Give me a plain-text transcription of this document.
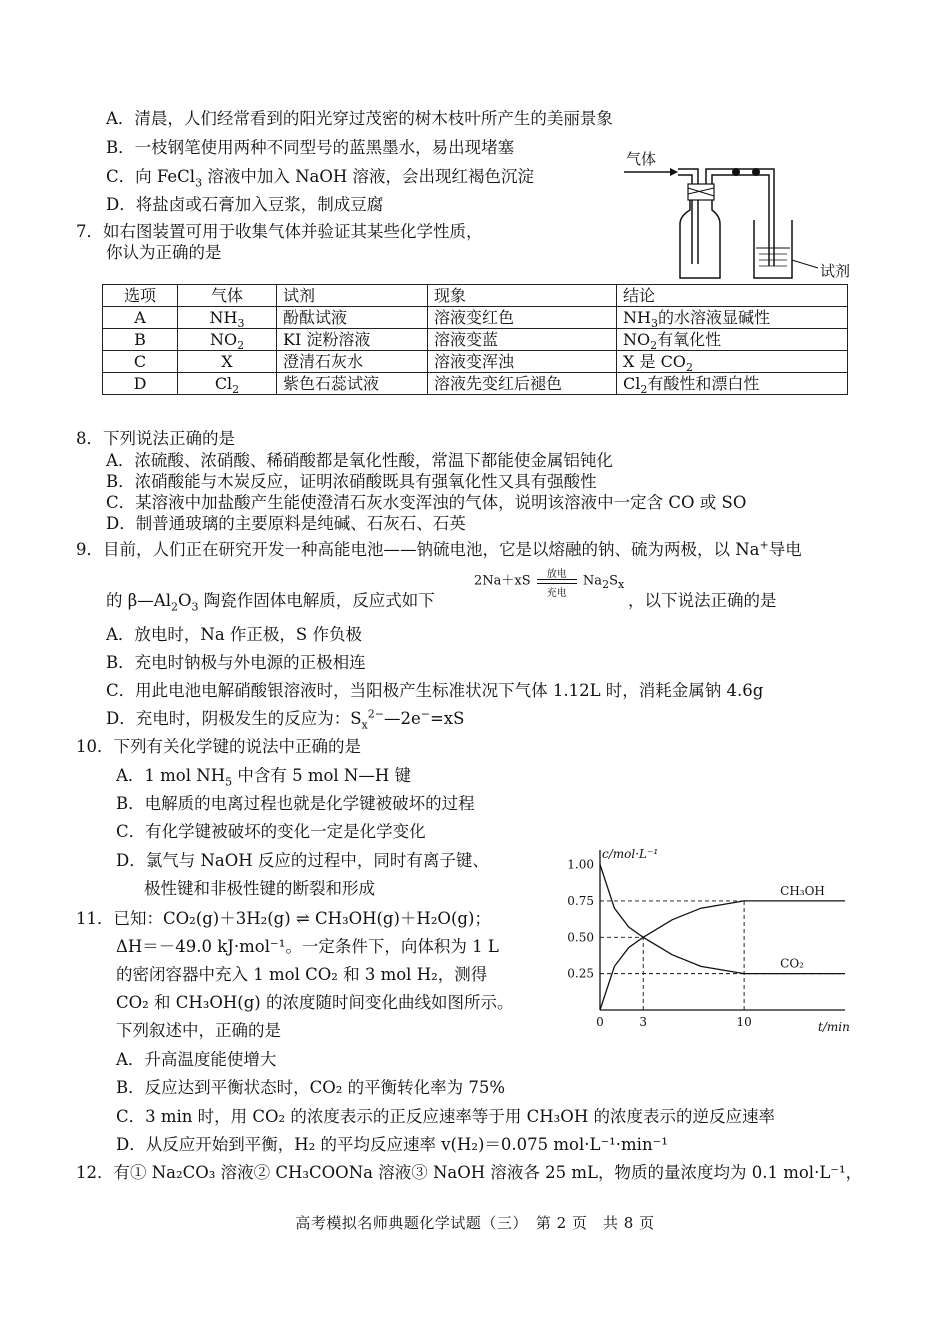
A．清晨，人们经常看到的阳光穿过茂密的树木枝叶所产生的美丽景象
B．一枝钢笔使用两种不同型号的蓝黑墨水，易出现堵塞
C．向 FeCl$_3$ 溶液中加入 NaOH 溶液，会出现红褐色沉淀
D．将盐卤或石膏加入豆浆，制成豆腐
7．如右图装置可用于收集气体并验证其某些化学性质，
你认为正确的是
气体
试剂
选项	气体	试剂	现象	结论
A	$NH_3$	酚酞试液	溶液变红色	$NH_3$的水溶液显碱性
B	$NO_2$	KI 淀粉溶液	溶液变蓝	$NO_2$有氧化性
C	X	澄清石灰水	溶液变浑浊	X 是 $CO_2$
D	$Cl_2$	紫色石蕊试液	溶液先变红后褪色	$Cl_2$有酸性和漂白性
8．下列说法正确的是
A．浓硫酸、浓硝酸、稀硝酸都是氧化性酸，常温下都能使金属铝钝化
B．浓硝酸能与木炭反应，证明浓硝酸既具有强氧化性又具有强酸性
C．某溶液中加盐酸产生能使澄清石灰水变浑浊的气体，说明该溶液中一定含 CO 或 SO
D．制普通玻璃的主要原料是纯碱、石灰石、石英
9．目前，人们正在研究开发一种高能电池——钠硫电池，它是以熔融的钠、硫为两极，以 Na+导电
的 $\beta—Al_2O_3$ 陶瓷作固体电解质，反应式如下
2Na＋xS	放电
充电
$Na_2S_x$
，以下说法正确的是
A．放电时，Na 作正极，S 作负极
B．充电时钠极与外电源的正极相连
C．用此电池电解硝酸银溶液时，当阳极产生标准状况下气体 1.12L 时，消耗金属钠 4.6g
D．充电时，阴极发生的反应为：$S_x^{2-}—2e^-=xS$
10．下列有关化学键的说法中正确的是
A．1 mol $NH_5$ 中含有 5 mol N—H 键
B．电解质的电离过程也就是化学键被破坏的过程
C．有化学键被破坏的变化一定是化学变化
D．氯气与 NaOH 反应的过程中，同时有离子键、
极性键和非极性键的断裂和形成
c/mol·L⁻¹
t/min
1.00
0.75
0.50
0.25
0	3	10
CH₃OH
CO₂
11．已知：CO₂(g)＋3H₂(g) ⇌ CH₃OH(g)＋H₂O(g)；
ΔH＝－49.0 kJ·mol⁻¹。一定条件下，向体积为 1 L
的密闭容器中充入 1 mol CO₂ 和 3 mol H₂，测得
CO₂ 和 CH₃OH(g) 的浓度随时间变化曲线如图所示。
下列叙述中，正确的是
A．升高温度能使增大
B．反应达到平衡状态时，CO₂ 的平衡转化率为 75%
C．3 min 时，用 CO₂ 的浓度表示的正反应速率等于用 CH₃OH 的浓度表示的逆反应速率
D．从反应开始到平衡，H₂ 的平均反应速率 v(H₂)＝0.075 mol·L⁻¹·min⁻¹
12．有① Na₂CO₃ 溶液② CH₃COONa 溶液③ NaOH 溶液各 25 mL，物质的量浓度均为 0.1 mol·L⁻¹，
高考模拟名师典题化学试题（三）　第 2 页　共 8 页
